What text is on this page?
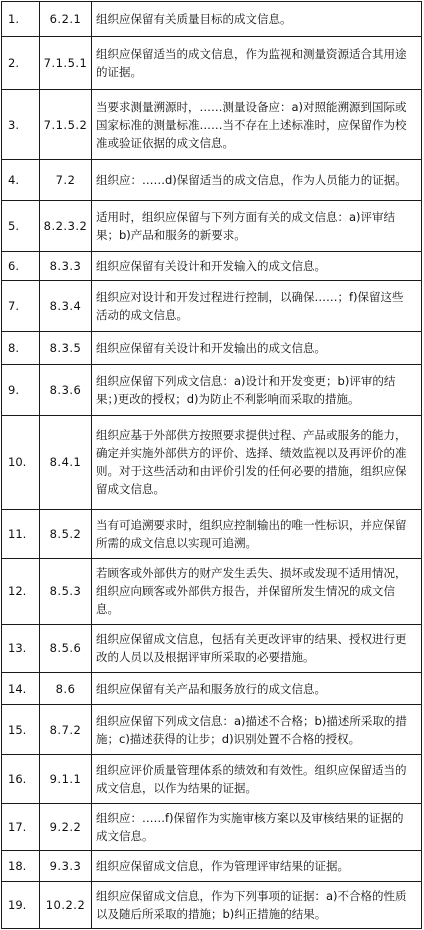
1.	6.2.1	组织应保留有关质量目标的成文信息。
2.	7.1.5.1	组织应保留适当的成文信息，作为监视和测量资源适合其用途的证据。
3.	7.1.5.2	当要求测量溯源时，……测量设备应：a)对照能溯源到国际或国家标准的测量标准……当不存在上述标准时，应保留作为校准或验证依据的成文信息。
4.	7.2	组织应：……d)保留适当的成文信息，作为人员能力的证据。
5.	8.2.3.2	适用时，组织应保留与下列方面有关的成文信息：a)评审结果；b)产品和服务的新要求。
6.	8.3.3	组织应保留有关设计和开发输入的成文信息。
7.	8.3.4	组织应对设计和开发过程进行控制，以确保……；f)保留这些活动的成文信息。
8.	8.3.5	组织应保留有关设计和开发输出的成文信息。
9.	8.3.6	组织应保留下列成文信息：a)设计和开发变更；b)评审的结果；)更改的授权；d)为防止不利影响而采取的措施。
10.	8.4.1	组织应基于外部供方按照要求提供过程、产品或服务的能力，确定并实施外部供方的评价、选择、绩效监视以及再评价的准则。对于这些活动和由评价引发的任何必要的措施，组织应保留成文信息。
11.	8.5.2	当有可追溯要求时，组织应控制输出的唯一性标识，并应保留所需的成文信息以实现可追溯。
12.	8.5.3	若顾客或外部供方的财产发生丢失、损坏或发现不适用情况，组织应向顾客或外部供方报告，并保留所发生情况的成文信息。
13.	8.5.6	组织应保留成文信息，包括有关更改评审的结果、授权进行更改的人员以及根据评审所采取的必要措施。
14.	8.6	组织应保留有关产品和服务放行的成文信息。
15.	8.7.2	组织应保留下列成文信息：a)描述不合格；b)描述所采取的措施；c)描述获得的让步；d)识别处置不合格的授权。
16.	9.1.1	组织应评价质量管理体系的绩效和有效性。组织应保留适当的成文信息，以作为结果的证据。
17.	9.2.2	组织应：……f)保留作为实施审核方案以及审核结果的证据的成文信息。
18.	9.3.3	组织应保留成文信息，作为管理评审结果的证据。
19.	10.2.2	组织应保留成文信息，作为下列事项的证据：a)不合格的性质以及随后所采取的措施；b)纠正措施的结果。
